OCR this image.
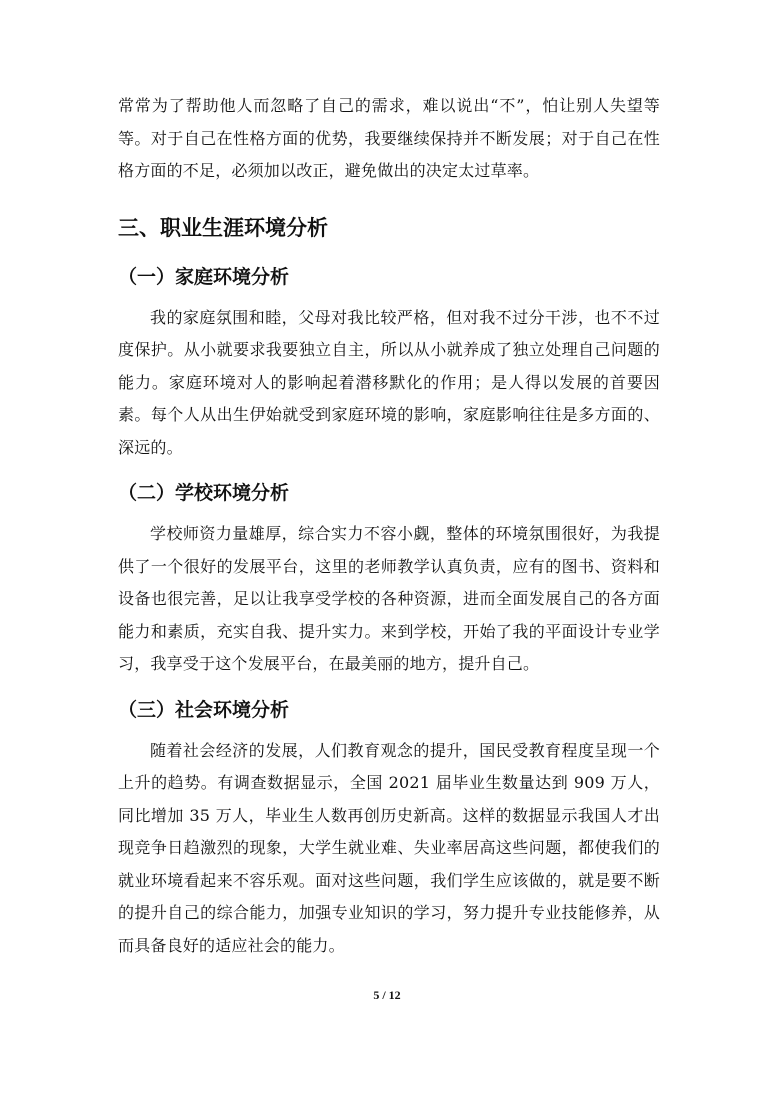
常常为了帮助他人而忽略了自己的需求，难以说出“不”，怕让别人失望等等。对于自己在性格方面的优势，我要继续保持并不断发展；对于自己在性格方面的不足，必须加以改正，避免做出的决定太过草率。

三、职业生涯环境分析
（一）家庭环境分析

我的家庭氛围和睦，父母对我比较严格，但对我不过分干涉，也不不过度保护。从小就要求我要独立自主，所以从小就养成了独立处理自己问题的能力。家庭环境对人的影响起着潜移默化的作用；是人得以发展的首要因素。每个人从出生伊始就受到家庭环境的影响，家庭影响往往是多方面的、深远的。

（二）学校环境分析

学校师资力量雄厚，综合实力不容小觑，整体的环境氛围很好，为我提供了一个很好的发展平台，这里的老师教学认真负责，应有的图书、资料和设备也很完善，足以让我享受学校的各种资源，进而全面发展自己的各方面能力和素质，充实自我、提升实力。来到学校，开始了我的平面设计专业学习，我享受于这个发展平台，在最美丽的地方，提升自己。

（三）社会环境分析

随着社会经济的发展，人们教育观念的提升，国民受教育程度呈现一个上升的趋势。有调查数据显示，全国 2021 届毕业生数量达到 909 万人，同比增加 35 万人，毕业生人数再创历史新高。这样的数据显示我国人才出现竞争日趋激烈的现象，大学生就业难、失业率居高这些问题，都使我们的就业环境看起来不容乐观。面对这些问题，我们学生应该做的，就是要不断的提升自己的综合能力，加强专业知识的学习，努力提升专业技能修养，从而具备良好的适应社会的能力。

5 / 12
